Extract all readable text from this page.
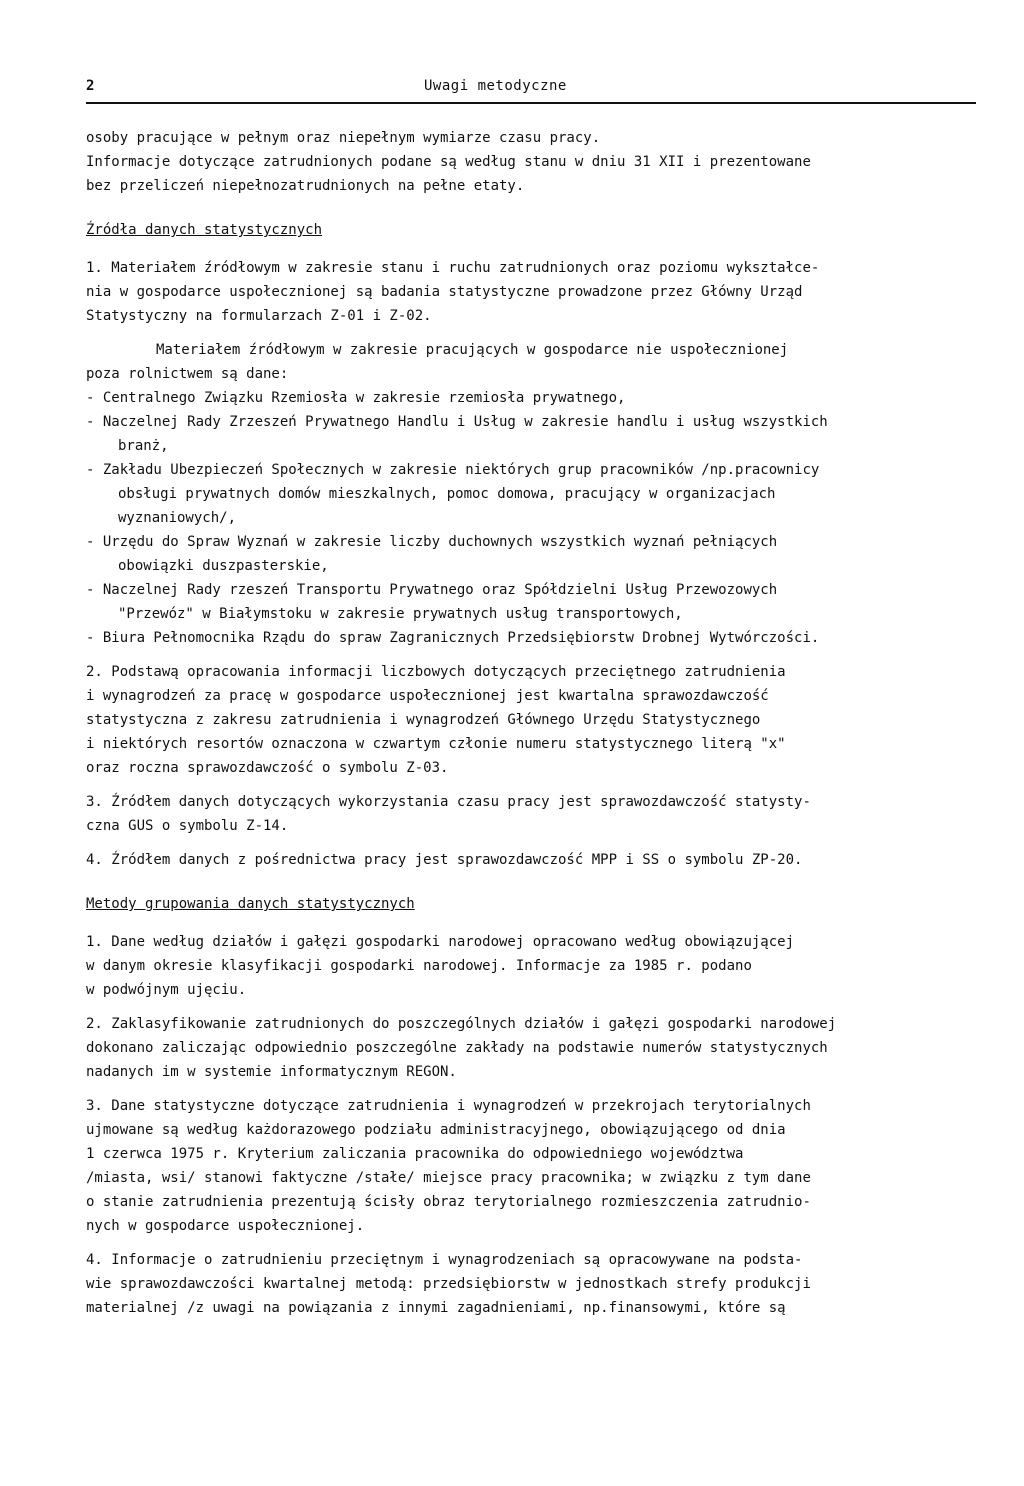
2	Uwagi metodyczne
osoby pracujące w pełnym oraz niepełnym wymiarze czasu pracy.
Informacje dotyczące zatrudnionych podane są według stanu w dniu 31 XII i prezentowane
bez przeliczeń niepełnozatrudnionych na pełne etaty.
Źródła danych statystycznych
1. Materiałem źródłowym w zakresie stanu i ruchu zatrudnionych oraz poziomu wykształce-
nia w gospodarce uspołecznionej są badania statystyczne prowadzone przez Główny Urząd
Statystyczny na formularzach Z-01 i Z-02.
Materiałem źródłowym w zakresie pracujących w gospodarce nie uspołecznionej
poza rolnictwem są dane:
- Centralnego Związku Rzemiosła w zakresie rzemiosła prywatnego,
- Naczelnej Rady Zrzeszeń Prywatnego Handlu i Usług w zakresie handlu i usług wszystkich
branż,
- Zakładu Ubezpieczeń Społecznych w zakresie niektórych grup pracowników /np.pracownicy
obsługi prywatnych domów mieszkalnych, pomoc domowa, pracujący w organizacjach
wyznaniowych/,
- Urzędu do Spraw Wyznań w zakresie liczby duchownych wszystkich wyznań pełniących
obowiązki duszpasterskie,
- Naczelnej Rady rzeszeń Transportu Prywatnego oraz Spółdzielni Usług Przewozowych
"Przewóz" w Białymstoku w zakresie prywatnych usług transportowych,
- Biura Pełnomocnika Rządu do spraw Zagranicznych Przedsiębiorstw Drobnej Wytwórczości.
2. Podstawą opracowania informacji liczbowych dotyczących przeciętnego zatrudnienia
i wynagrodzeń za pracę w gospodarce uspołecznionej jest kwartalna sprawozdawczość
statystyczna z zakresu zatrudnienia i wynagrodzeń Głównego Urzędu Statystycznego
i niektórych resortów oznaczona w czwartym członie numeru statystycznego literą "x"
oraz roczna sprawozdawczość o symbolu Z-03.
3. Źródłem danych dotyczących wykorzystania czasu pracy jest sprawozdawczość statysty-
czna GUS o symbolu Z-14.
4. Źródłem danych z pośrednictwa pracy jest sprawozdawczość MPP i SS o symbolu ZP-20.
Metody grupowania danych statystycznych
1. Dane według działów i gałęzi gospodarki narodowej opracowano według obowiązującej
w danym okresie klasyfikacji gospodarki narodowej. Informacje za 1985 r. podano
w podwójnym ujęciu.
2. Zaklasyfikowanie zatrudnionych do poszczególnych działów i gałęzi gospodarki narodowej
dokonano zaliczając odpowiednio poszczególne zakłady na podstawie numerów statystycznych
nadanych im w systemie informatycznym REGON.
3. Dane statystyczne dotyczące zatrudnienia i wynagrodzeń w przekrojach terytorialnych
ujmowane są według każdorazowego podziału administracyjnego, obowiązującego od dnia
1 czerwca 1975 r. Kryterium zaliczania pracownika do odpowiedniego województwa
/miasta, wsi/ stanowi faktyczne /stałe/ miejsce pracy pracownika; w związku z tym dane
o stanie zatrudnienia prezentują ścisły obraz terytorialnego rozmieszczenia zatrudnio-
nych w gospodarce uspołecznionej.
4. Informacje o zatrudnieniu przeciętnym i wynagrodzeniach są opracowywane na podsta-
wie sprawozdawczości kwartalnej metodą: przedsiębiorstw w jednostkach strefy produkcji
materialnej /z uwagi na powiązania z innymi zagadnieniami, np.finansowymi, które są
